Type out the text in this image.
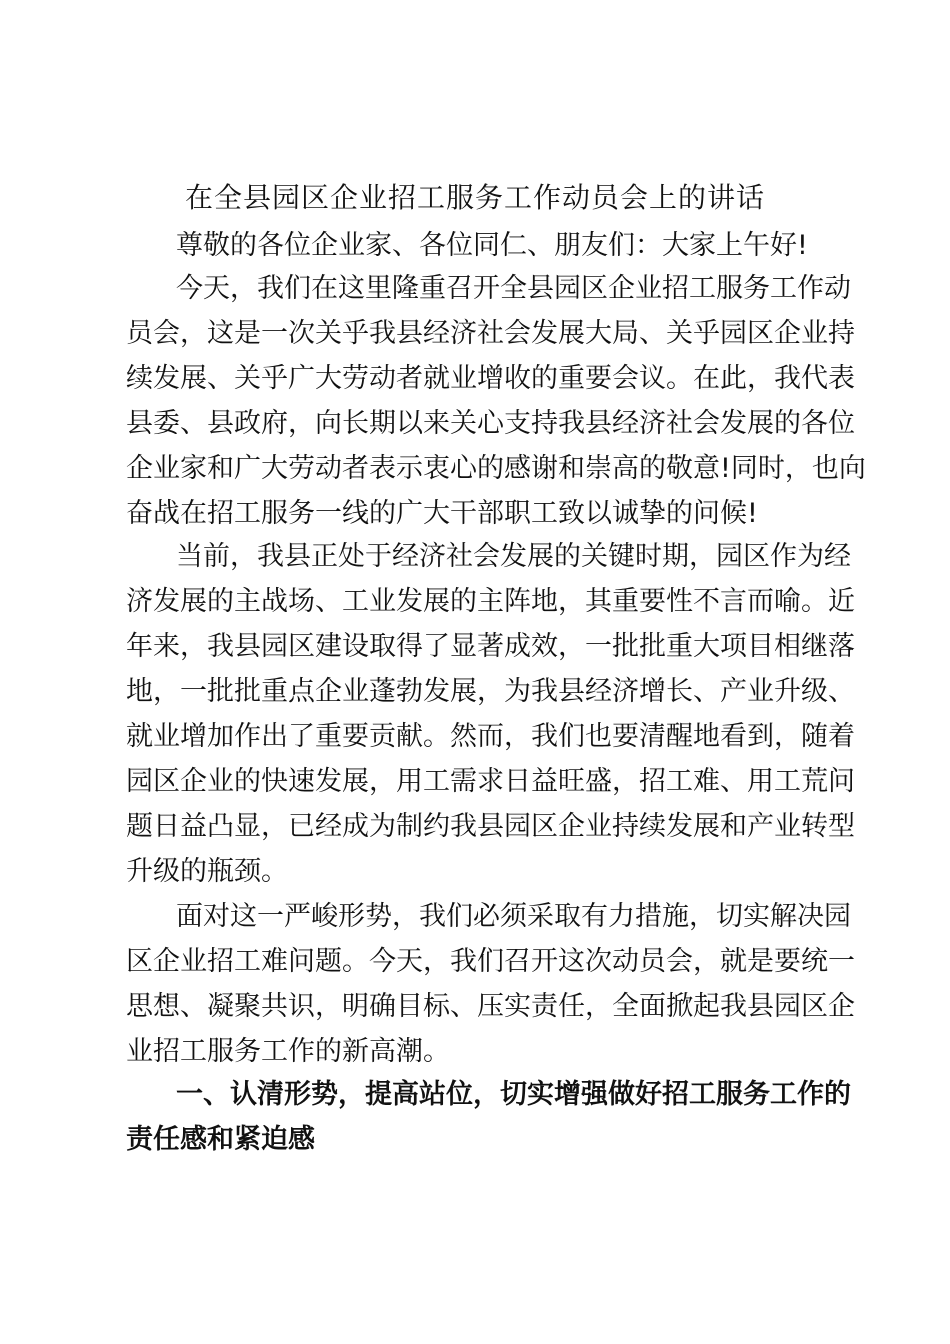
在全县园区企业招工服务工作动员会上的讲话

尊敬的各位企业家、各位同仁、朋友们：大家上午好!

今天，我们在这里隆重召开全县园区企业招工服务工作动
员会，这是一次关乎我县经济社会发展大局、关乎园区企业持
续发展、关乎广大劳动者就业增收的重要会议。在此，我代表
县委、县政府，向长期以来关心支持我县经济社会发展的各位
企业家和广大劳动者表示衷心的感谢和崇高的敬意!同时，也向
奋战在招工服务一线的广大干部职工致以诚挚的问候!
当前，我县正处于经济社会发展的关键时期，园区作为经
济发展的主战场、工业发展的主阵地，其重要性不言而喻。近
年来，我县园区建设取得了显著成效，一批批重大项目相继落
地，一批批重点企业蓬勃发展，为我县经济增长、产业升级、
就业增加作出了重要贡献。然而，我们也要清醒地看到，随着
园区企业的快速发展，用工需求日益旺盛，招工难、用工荒问
题日益凸显，已经成为制约我县园区企业持续发展和产业转型
升级的瓶颈。
面对这一严峻形势，我们必须采取有力措施，切实解决园
区企业招工难问题。今天，我们召开这次动员会，就是要统一
思想、凝聚共识，明确目标、压实责任，全面掀起我县园区企
业招工服务工作的新高潮。
一、认清形势，提高站位，切实增强做好招工服务工作的
责任感和紧迫感
